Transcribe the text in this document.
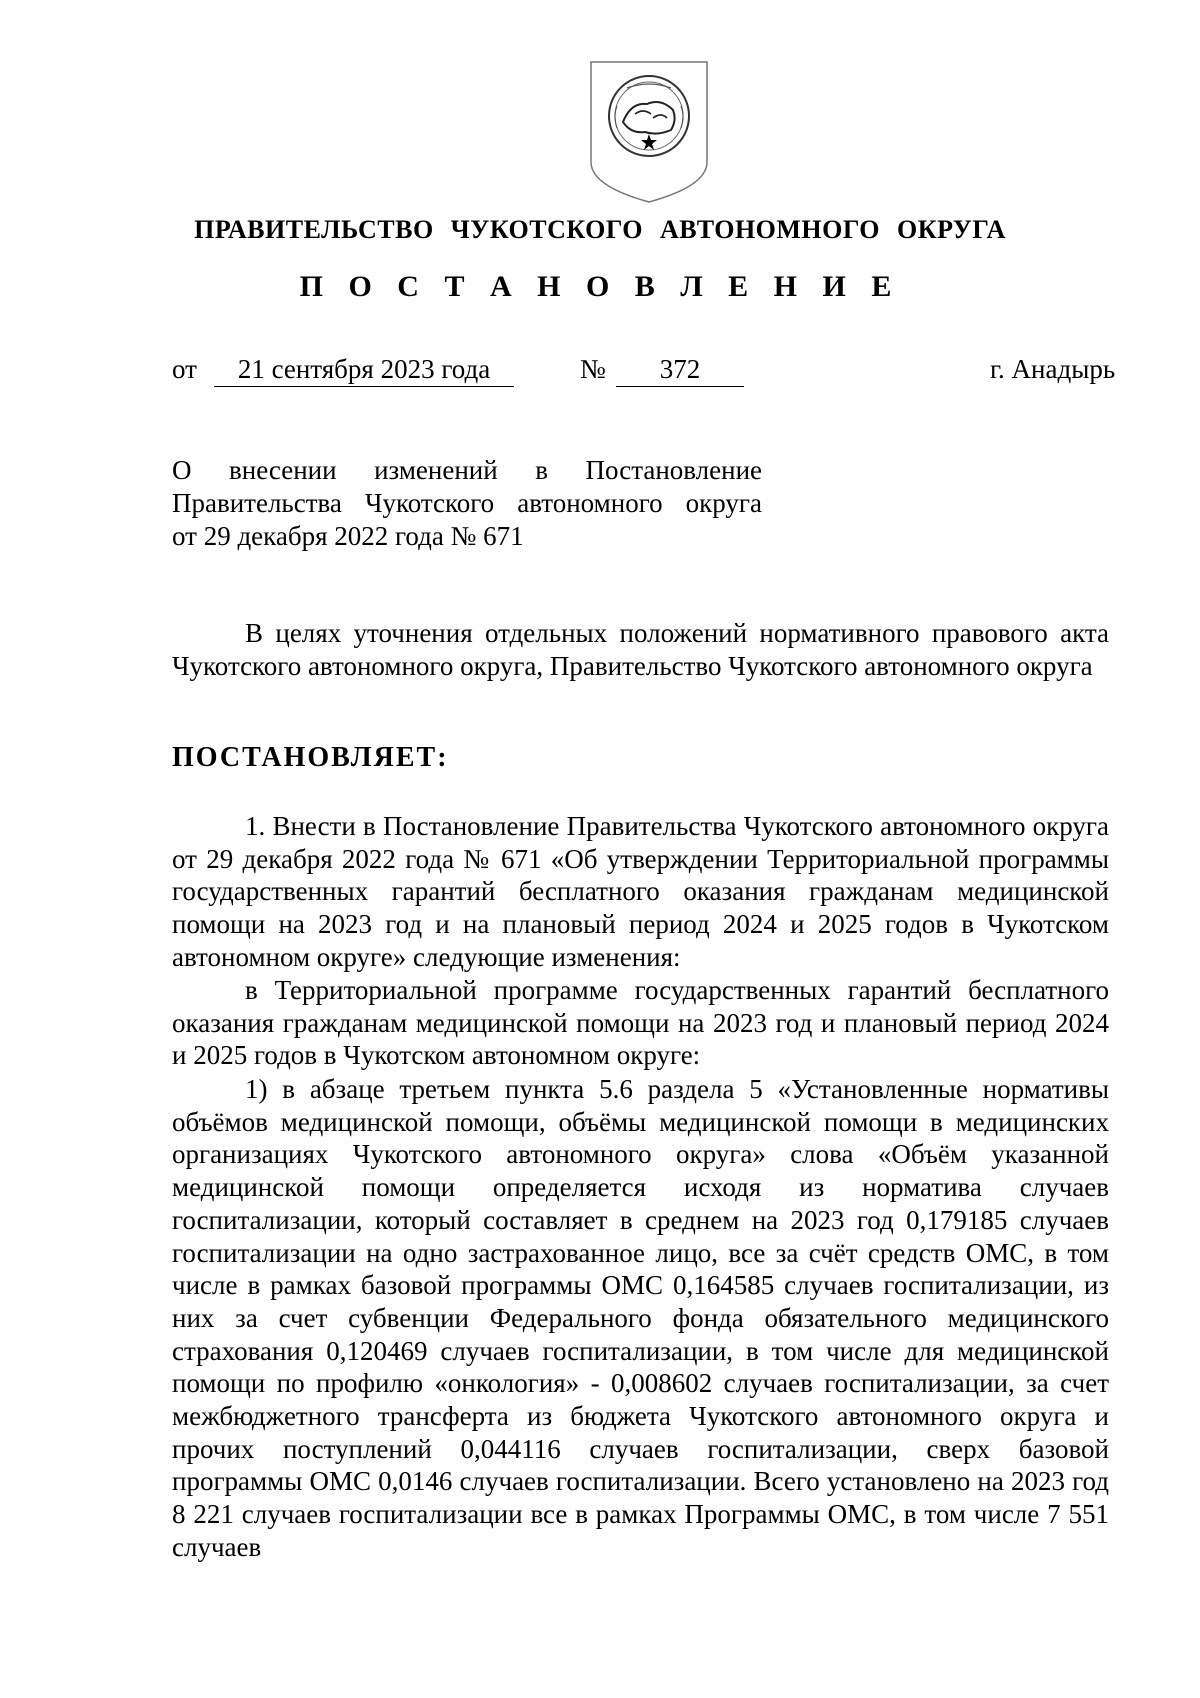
ПРАВИТЕЛЬСТВО ЧУКОТСКОГО АВТОНОМНОГО ОКРУГА
П О С Т А Н О В Л Е Н И Е
от	21 сентября 2023 года	№	372	г. Анадырь
О внесении изменений в Постановление
Правительства Чукотского автономного округа
от 29 декабря 2022 года № 671

В целях уточнения отдельных положений нормативного правового акта Чукотского автономного округа, Правительство Чукотского автономного округа

ПОСТАНОВЛЯЕТ:

1. Внести в Постановление Правительства Чукотского автономного округа от 29 декабря 2022 года № 671 «Об утверждении Территориальной программы государственных гарантий бесплатного оказания гражданам медицинской помощи на 2023 год и на плановый период 2024 и 2025 годов в Чукотском автономном округе» следующие изменения:

в Территориальной программе государственных гарантий бесплатного оказания гражданам медицинской помощи на 2023 год и плановый период 2024 и 2025 годов в Чукотском автономном округе:

1) в абзаце третьем пункта 5.6 раздела 5 «Установленные нормативы объёмов медицинской помощи, объёмы медицинской помощи в медицинских организациях Чукотского автономного округа» слова «Объём указанной медицинской помощи определяется исходя из норматива случаев госпитализации, который составляет в среднем на 2023 год 0,179185 случаев госпитализации на одно застрахованное лицо, все за счёт средств ОМС, в том числе в рамках базовой программы ОМС 0,164585 случаев госпитализации, из них за счет субвенции Федерального фонда обязательного медицинского страхования 0,120469 случаев госпитализации, в том числе для медицинской помощи по профилю «онкология» - 0,008602 случаев госпитализации, за счет межбюджетного трансферта из бюджета Чукотского автономного округа и прочих поступлений 0,044116 случаев госпитализации, сверх базовой программы ОМС 0,0146 случаев госпитализации. Всего установлено на 2023 год 8 221 случаев госпитализации все в рамках Программы ОМС, в том числе 7 551 случаев
